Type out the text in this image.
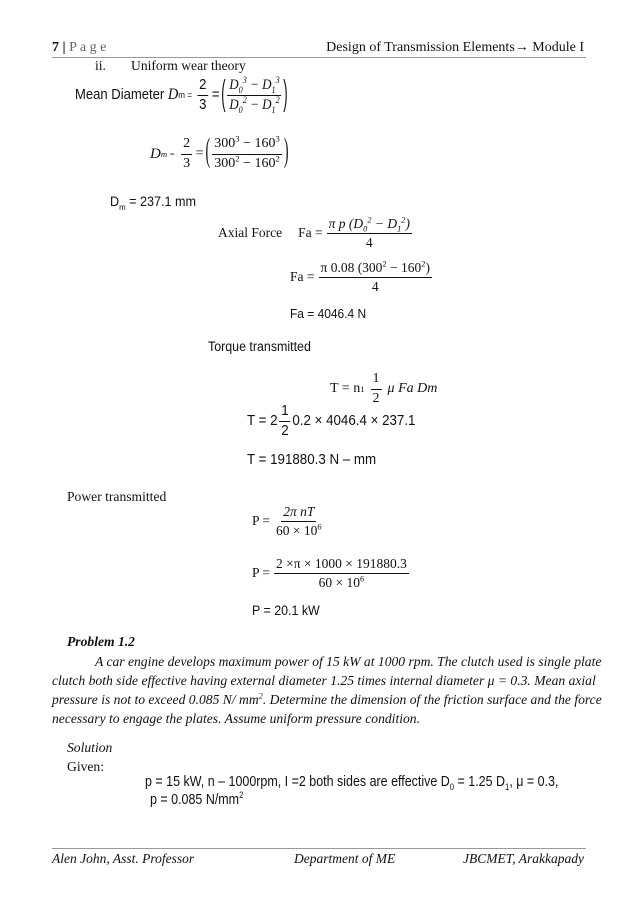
7 | P a g e	Design of Transmission Elements→ Module I
ii. Uniform wear theory
Mean Diameter
D $m = \frac{2}{3}$ = ( $\frac{D_0^3 - D_1^3}{D_0^2 - D_1^2}$ )
D $m = \frac{2}{3}$ = ( $\frac{300^3 - 160^3}{300^2 - 160^2}$ )
$D_m = 237.1$ mm
Axial Force $Fa = \frac{\pi p (D_0^2 - D_1^2)}{4}$
$Fa = \frac{\pi 0.08 (300^2 - 160^2)}{4}$
Fa = 4046.4 N
Torque transmitted
T = n $1 \frac{1}{2}$ μ Fa Dm
$T = 2 \frac{1}{2} 0.2 \times 4046.4 \times 237.1$
T = 191880.3 N – mm
Power transmitted
$P = \frac{\text{2π nT}}{60 \times 10^6}$
$P = \frac{2 \times\pi \times 1000 \times 191880.3}{60 \times 10^6}$
P = 20.1 kW
Problem 1.2
A car engine develops maximum power of 15 kW at 1000 rpm. The clutch used is single plate
clutch both side effective having external diameter 1.25 times internal diameter μ = 0.3. Mean axial
pressure is not to exceed 0.085 N/ $mm^2$. Determine the dimension of the friction surface and the force
necessary to engage the plates. Assume uniform pressure condition.
Solution
Given:
p = 15 kW, n – 1000rpm, I =2 both sides are effective $D_0 = 1.25$ $D_1$, μ = 0.3,
p = 0.085 $N/mm^2$
Alen John, Asst. Professor	Department of ME	JBCMET, Arakkapady
